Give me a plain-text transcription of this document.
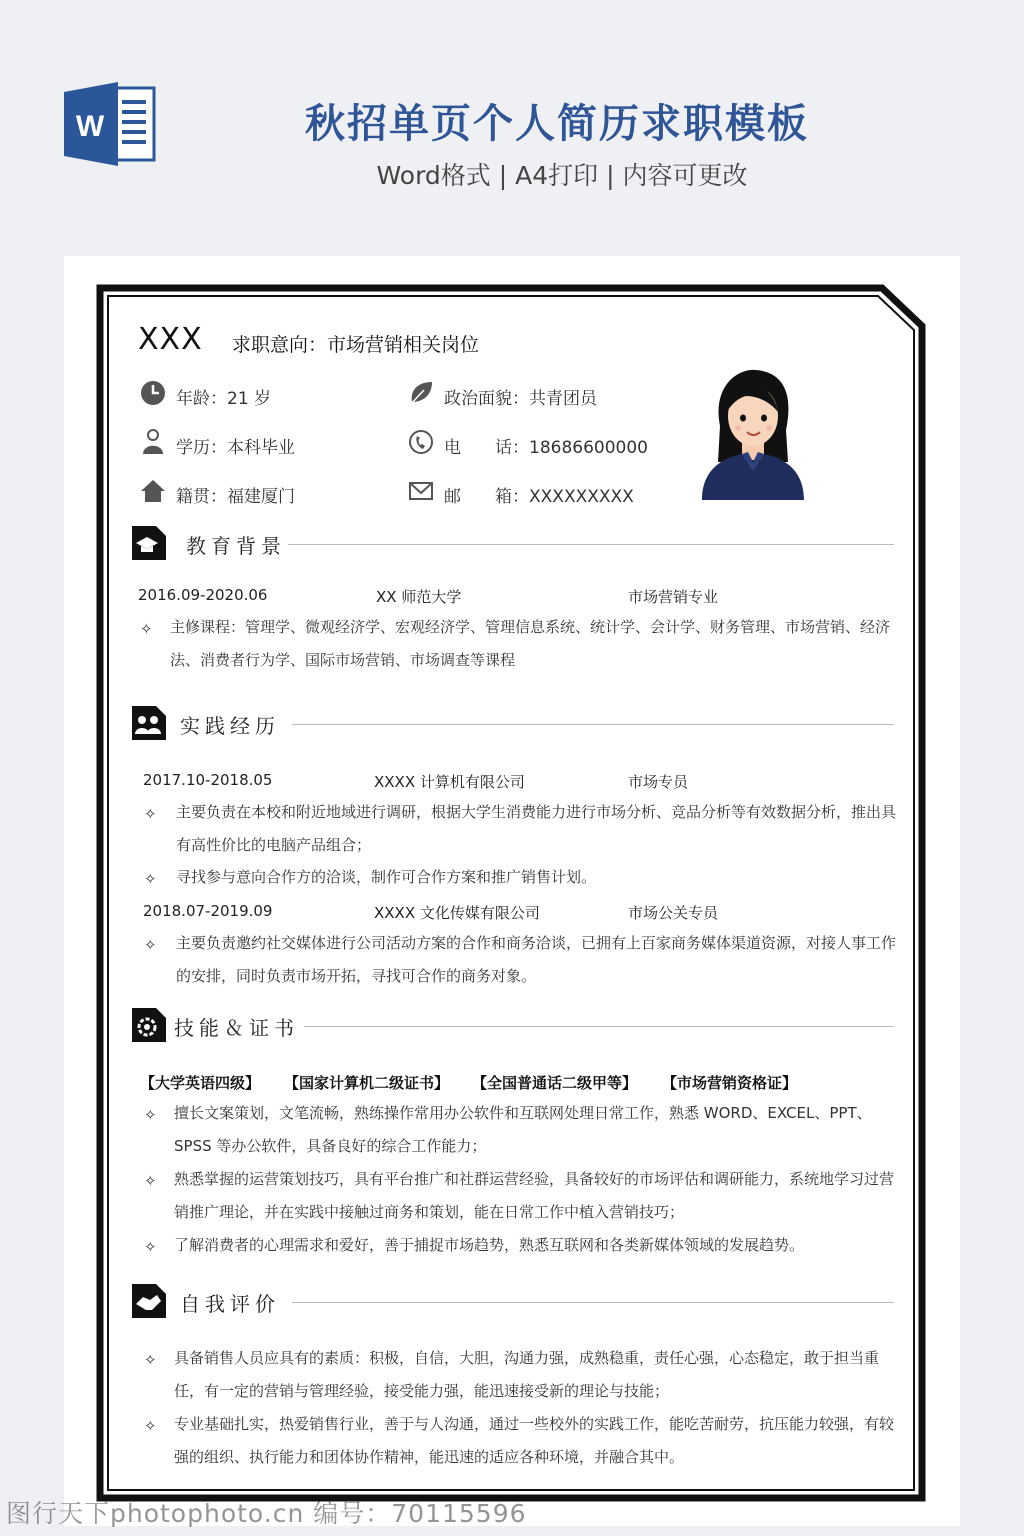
W	秋招单页个人简历求职模板
Word格式 | A4打印 | 内容可更改
XXX 求职意向：市场营销相关岗位
年龄：21 岁
学历：本科毕业
籍贯：福建厦门
政治面貌：共青团员
电　　话：18686600000
邮　　箱：XXXXXXXXX
教育背景
2016.09-2020.06	XX 师范大学	市场营销专业
✧ 主修课程：管理学、微观经济学、宏观经济学、管理信息系统、统计学、会计学、财务管理、市场营销、经济法、消费者行为学、国际市场营销、市场调查等课程
实践经历
2017.10-2018.05	XXXX 计算机有限公司	市场专员
✧ 主要负责在本校和附近地域进行调研，根据大学生消费能力进行市场分析、竞品分析等有效数据分析，推出具有高性价比的电脑产品组合；
✧ 寻找参与意向合作方的洽谈，制作可合作方案和推广销售计划。
2018.07-2019.09	XXXX 文化传媒有限公司	市场公关专员
✧ 主要负责邀约社交媒体进行公司活动方案的合作和商务洽谈，已拥有上百家商务媒体渠道资源，对接人事工作的安排，同时负责市场开拓，寻找可合作的商务对象。
技能＆证书
【大学英语四级】 【国家计算机二级证书】 【全国普通话二级甲等】 【市场营销资格证】
✧ 擅长文案策划，文笔流畅，熟练操作常用办公软件和互联网处理日常工作，熟悉 WORD、EXCEL、PPT、SPSS 等办公软件，具备良好的综合工作能力；
✧ 熟悉掌握的运营策划技巧，具有平台推广和社群运营经验，具备较好的市场评估和调研能力，系统地学习过营销推广理论，并在实践中接触过商务和策划，能在日常工作中植入营销技巧；
✧ 了解消费者的心理需求和爱好，善于捕捉市场趋势，熟悉互联网和各类新媒体领域的发展趋势。
自我评价
✧ 具备销售人员应具有的素质：积极，自信，大胆，沟通力强，成熟稳重，责任心强，心态稳定，敢于担当重任，有一定的营销与管理经验，接受能力强，能迅速接受新的理论与技能；
✧ 专业基础扎实，热爱销售行业，善于与人沟通，通过一些校外的实践工作，能吃苦耐劳，抗压能力较强，有较强的组织、执行能力和团体协作精神，能迅速的适应各种环境，并融合其中。
图行天下photophoto.cn 编号：70115596
